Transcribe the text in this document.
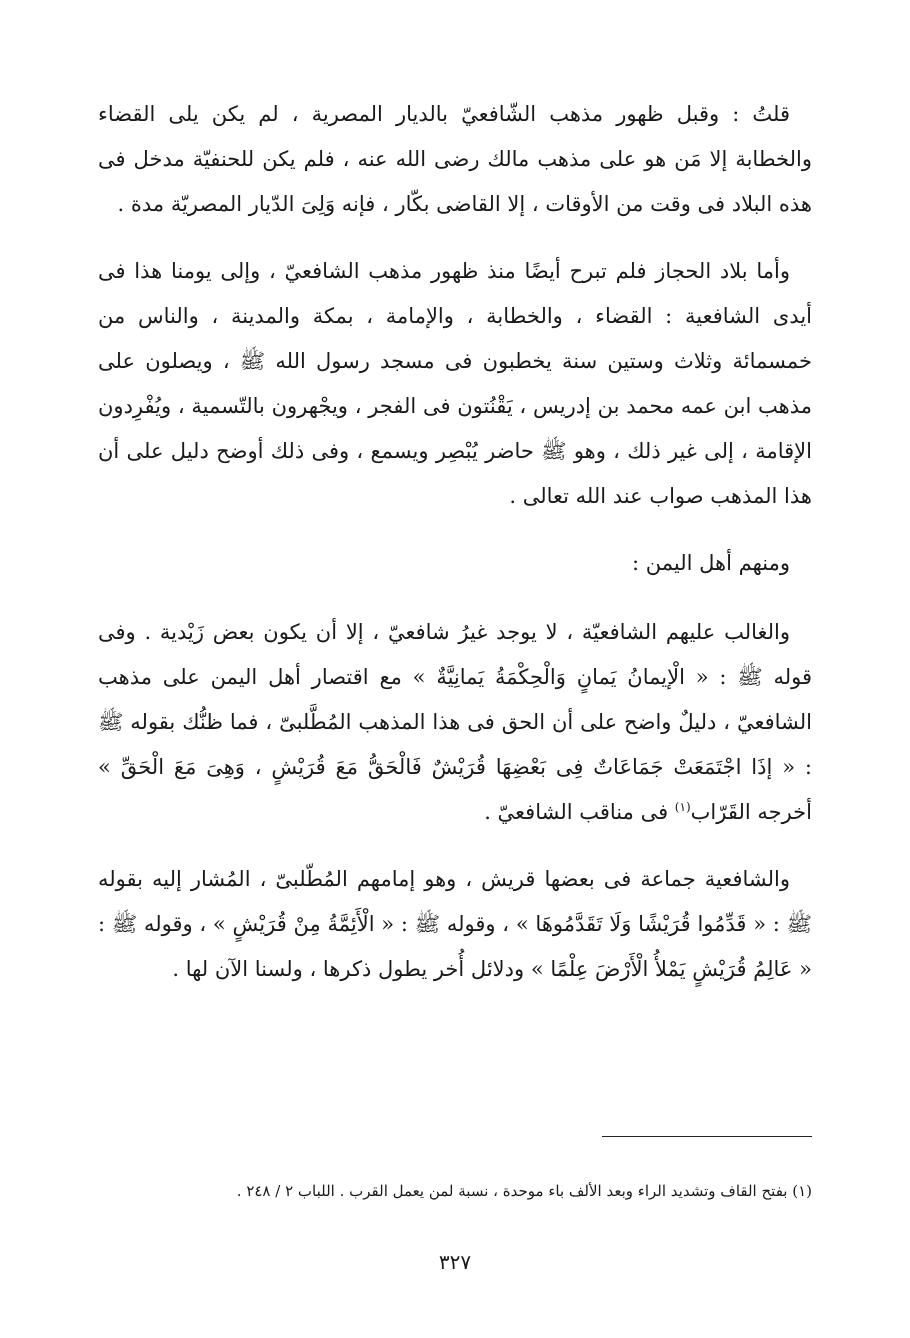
قلتُ : وقبل ظهور مذهب الشّافعيّ بالديار المصرية ، لم يكن يلى القضاء والخطابة إلا مَن هو على مذهب مالك رضى الله عنه ، فلم يكن للحنفيّة مدخل فى هذه البلاد فى وقت من الأوقات ، إلا القاضى بكّار ، فإنه وَلِىَ الدّيار المصريّة مدة .

وأما بلاد الحجاز فلم تبرح أيضًا منذ ظهور مذهب الشافعيّ ، وإلى يومنا هذا فى أيدى الشافعية : القضاء ، والخطابة ، والإمامة ، بمكة والمدينة ، والناس من خمسمائة وثلاث وستين سنة يخطبون فى مسجد رسول الله ﷺ ، ويصلون على مذهب ابن عمه محمد بن إدريس ، يَقْنُتون فى الفجر ، ويجْهرون بالتّسمية ، ويُفْرِدون الإقامة ، إلى غير ذلك ، وهو ﷺ حاضر يُبْصِر ويسمع ، وفى ذلك أوضح دليل على أن هذا المذهب صواب عند الله تعالى .

ومنهم أهل اليمن :

والغالب عليهم الشافعيّة ، لا يوجد غيرُ شافعيّ ، إلا أن يكون بعض زَيْدية . وفى قوله ﷺ : « الْإيمانُ يَمانٍ وَالْحِكْمَةُ يَمانِيَّةٌ » مع اقتصار أهل اليمن على مذهب الشافعيّ ، دليلٌ واضح على أن الحق فى هذا المذهب المُطَّلبىّ ، فما ظنُّك بقوله ﷺ : « إذَا اجْتَمَعَتْ جَمَاعَاتٌ فِى بَعْضِهَا قُرَيْشٌ فَالْحَقُّ مَعَ قُرَيْشٍ ، وَهِىَ مَعَ الْحَقِّ » أخرجه القَرّاب$^{(١)}$ فى مناقب الشافعيّ .

والشافعية جماعة فى بعضها قريش ، وهو إمامهم المُطّلبىّ ، المُشار إليه بقوله ﷺ : « قَدِّمُوا قُرَيْشًا وَلَا تَقَدَّمُوهَا » ، وقوله ﷺ : « الْأَئِمَّةُ مِنْ قُرَيْشٍ » ، وقوله ﷺ : « عَالِمُ قُرَيْشٍ يَمْلأُ الْأَرْضَ عِلْمًا » ودلائل أُخر يطول ذكرها ، ولسنا الآن لها .

(١) بفتح القاف وتشديد الراء وبعد الألف باء موحدة ، نسبة لمن يعمل القرب . اللباب ٢ / ٢٤٨ .
٣٢٧
